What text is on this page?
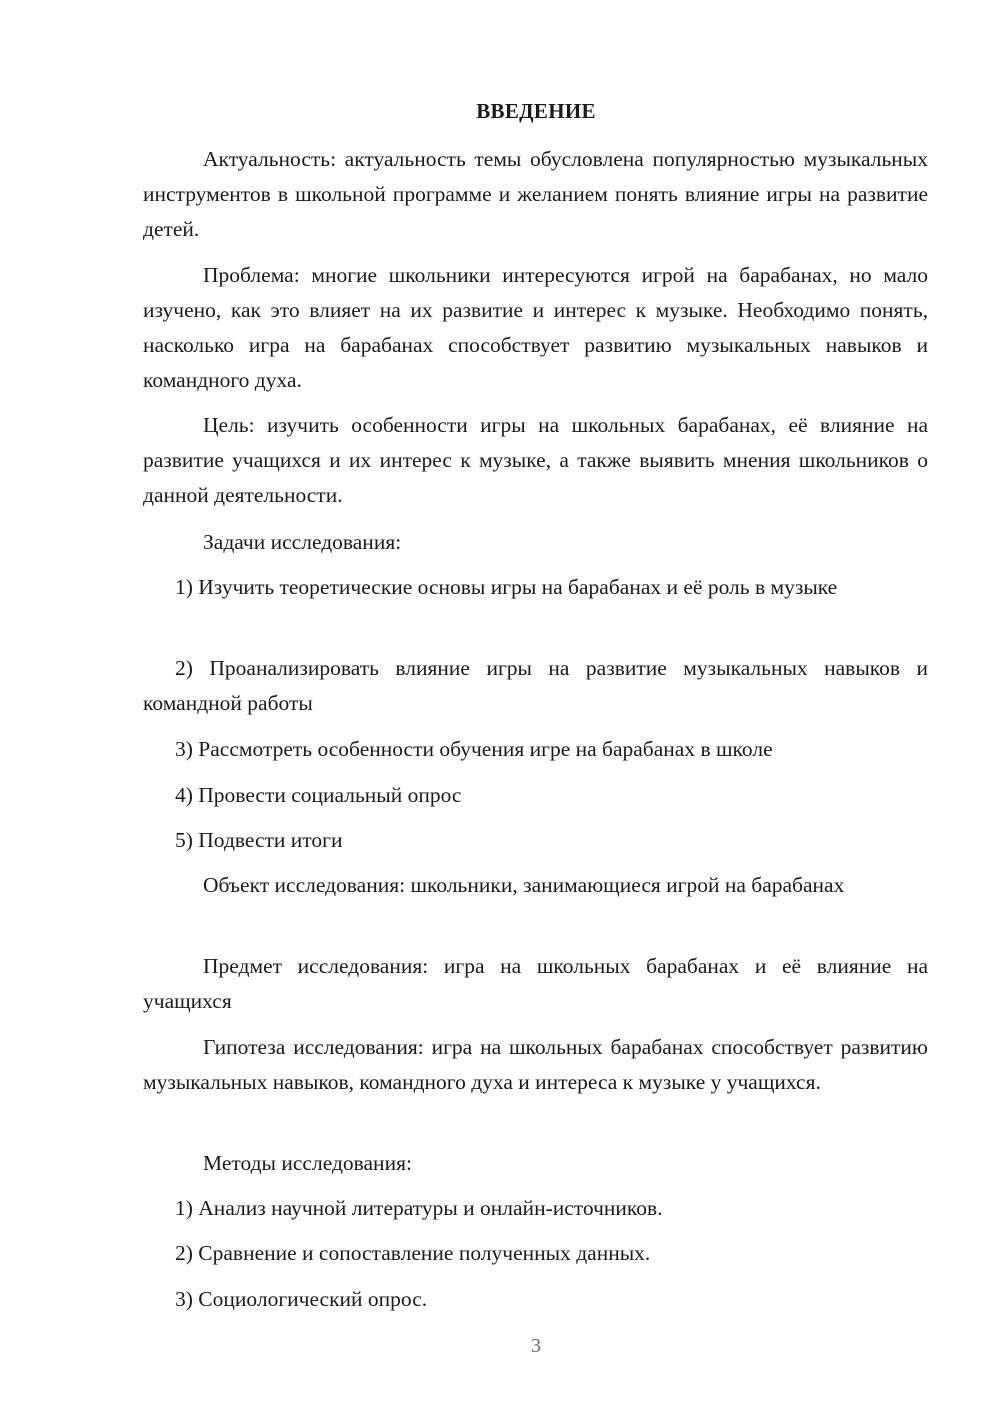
ВВЕДЕНИЕ

Актуальность: актуальность темы обусловлена популярностью музыкальных инструментов в школьной программе и желанием понять влияние игры на развитие детей.

Проблема: многие школьники интересуются игрой на барабанах, но мало изучено, как это влияет на их развитие и интерес к музыке. Необходимо понять, насколько игра на барабанах способствует развитию музыкальных навыков и командного духа.

Цель: изучить особенности игры на школьных барабанах, её влияние на развитие учащихся и их интерес к музыке, а также выявить мнения школьников о данной деятельности.

Задачи исследования:

1) Изучить теоретические основы игры на барабанах и её роль в музыке

2) Проанализировать влияние игры на развитие музыкальных навыков и командной работы

3) Рассмотреть особенности обучения игре на барабанах в школе

4) Провести социальный опрос

5) Подвести итоги

Объект исследования: школьники, занимающиеся игрой на барабанах

Предмет исследования: игра на школьных барабанах и её влияние на учащихся

Гипотеза исследования: игра на школьных барабанах способствует развитию музыкальных навыков, командного духа и интереса к музыке у учащихся.

Методы исследования:

1) Анализ научной литературы и онлайн-источников.

2) Сравнение и сопоставление полученных данных.

3) Социологический опрос.

3
